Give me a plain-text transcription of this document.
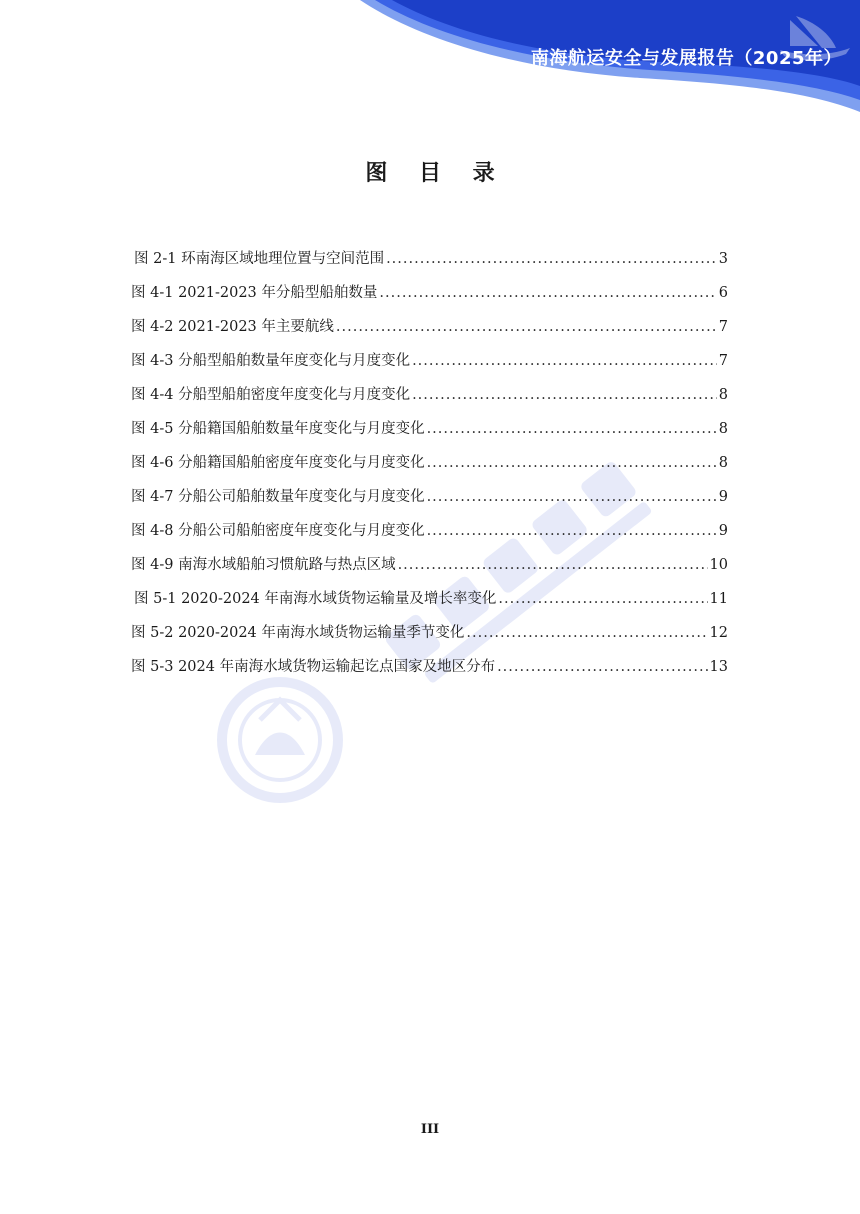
南海航运安全与发展报告（2025年）
图 目 录
图 2-1 环南海区域地理位置与空间范围 .....	3
图 4-1 2021-2023 年分船型船舶数量 .....	6
图 4-2 2021-2023 年主要航线 .....	7
图 4-3 分船型船舶数量年度变化与月度变化 .....	7
图 4-4 分船型船舶密度年度变化与月度变化 .....	8
图 4-5 分船籍国船舶数量年度变化与月度变化 .....	8
图 4-6 分船籍国船舶密度年度变化与月度变化 .....	8
图 4-7 分船公司船舶数量年度变化与月度变化 .....	9
图 4-8 分船公司船舶密度年度变化与月度变化 .....	9
图 4-9 南海水域船舶习惯航路与热点区域 .....	10
图 5-1 2020-2024 年南海水域货物运输量及增长率变化 .....	11
图 5-2 2020-2024 年南海水域货物运输量季节变化 .....	12
图 5-3 2024 年南海水域货物运输起讫点国家及地区分布 .....	13
III
